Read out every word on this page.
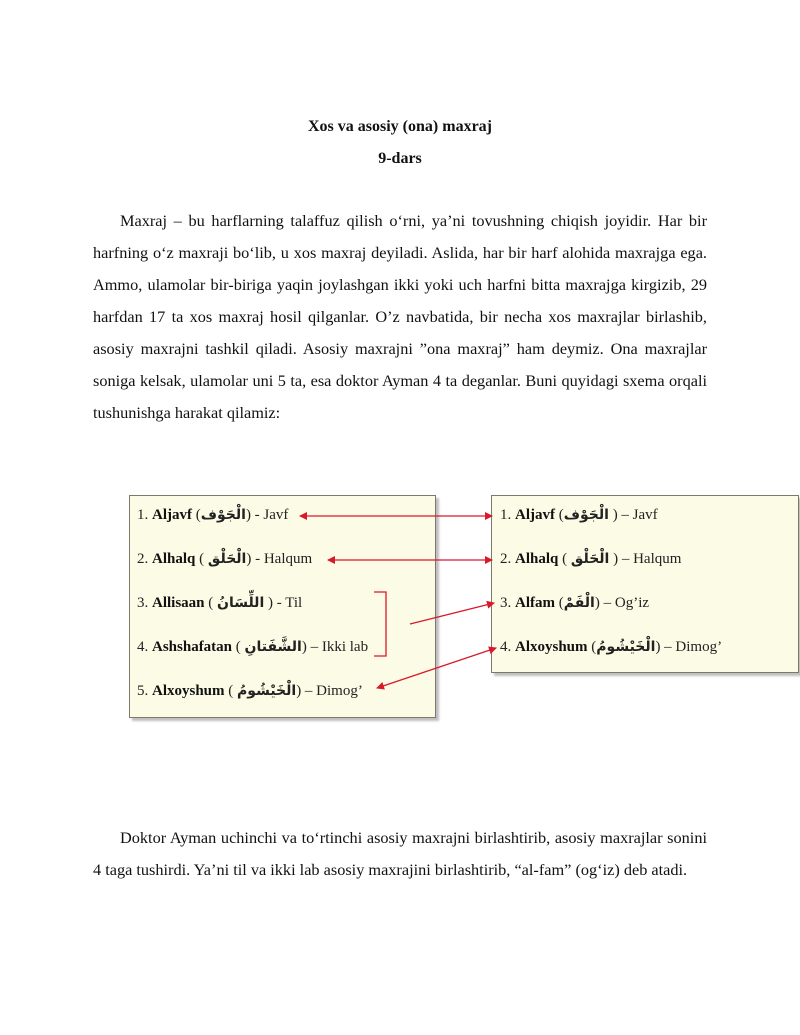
Xos va asosiy (ona) maxraj
9-dars

Maxraj – bu harflarning talaffuz qilish o‘rni, ya’ni tovushning chiqish joyidir. Har bir harfning o‘z maxraji bo‘lib, u xos maxraj deyiladi. Aslida, har bir harf alohida maxrajga ega. Ammo, ulamolar bir-biriga yaqin joylashgan ikki yoki uch harfni bitta maxrajga kirgizib, 29 harfdan 17 ta xos maxraj hosil qilganlar. O’z navbatida, bir necha xos maxrajlar birlashib, asosiy maxrajni tashkil qiladi. Asosiy maxrajni ”ona maxraj” ham deymiz. Ona maxrajlar soniga kelsak, ulamolar uni 5 ta, esa doktor Ayman 4 ta deganlar. Buni quyidagi sxema orqali tushunishga harakat qilamiz:

1. Aljavf (الْجَوْف) - Javf
2. Alhalq ( الْحَلْق) - Halqum
3. Allisaan ( اللِّسَانُ ) - Til
4. Ashshafatan ( الشَّفَتانِ) – Ikki lab
5. Alxoyshum ( الْخَيْشُومُ) – Dimog’
1. Aljavf (الْجَوْف ) – Javf
2. Alhalq ( الْحَلْق ) – Halqum
3. Alfam (الْفَمْ) – Og’iz
4. Alxoyshum (الْخَيْشُومُ) – Dimog’

Doktor Ayman uchinchi va to‘rtinchi asosiy maxrajni birlashtirib, asosiy maxrajlar sonini 4 taga tushirdi. Ya’ni til va ikki lab asosiy maxrajini birlashtirib, “al-fam” (og‘iz) deb atadi.
